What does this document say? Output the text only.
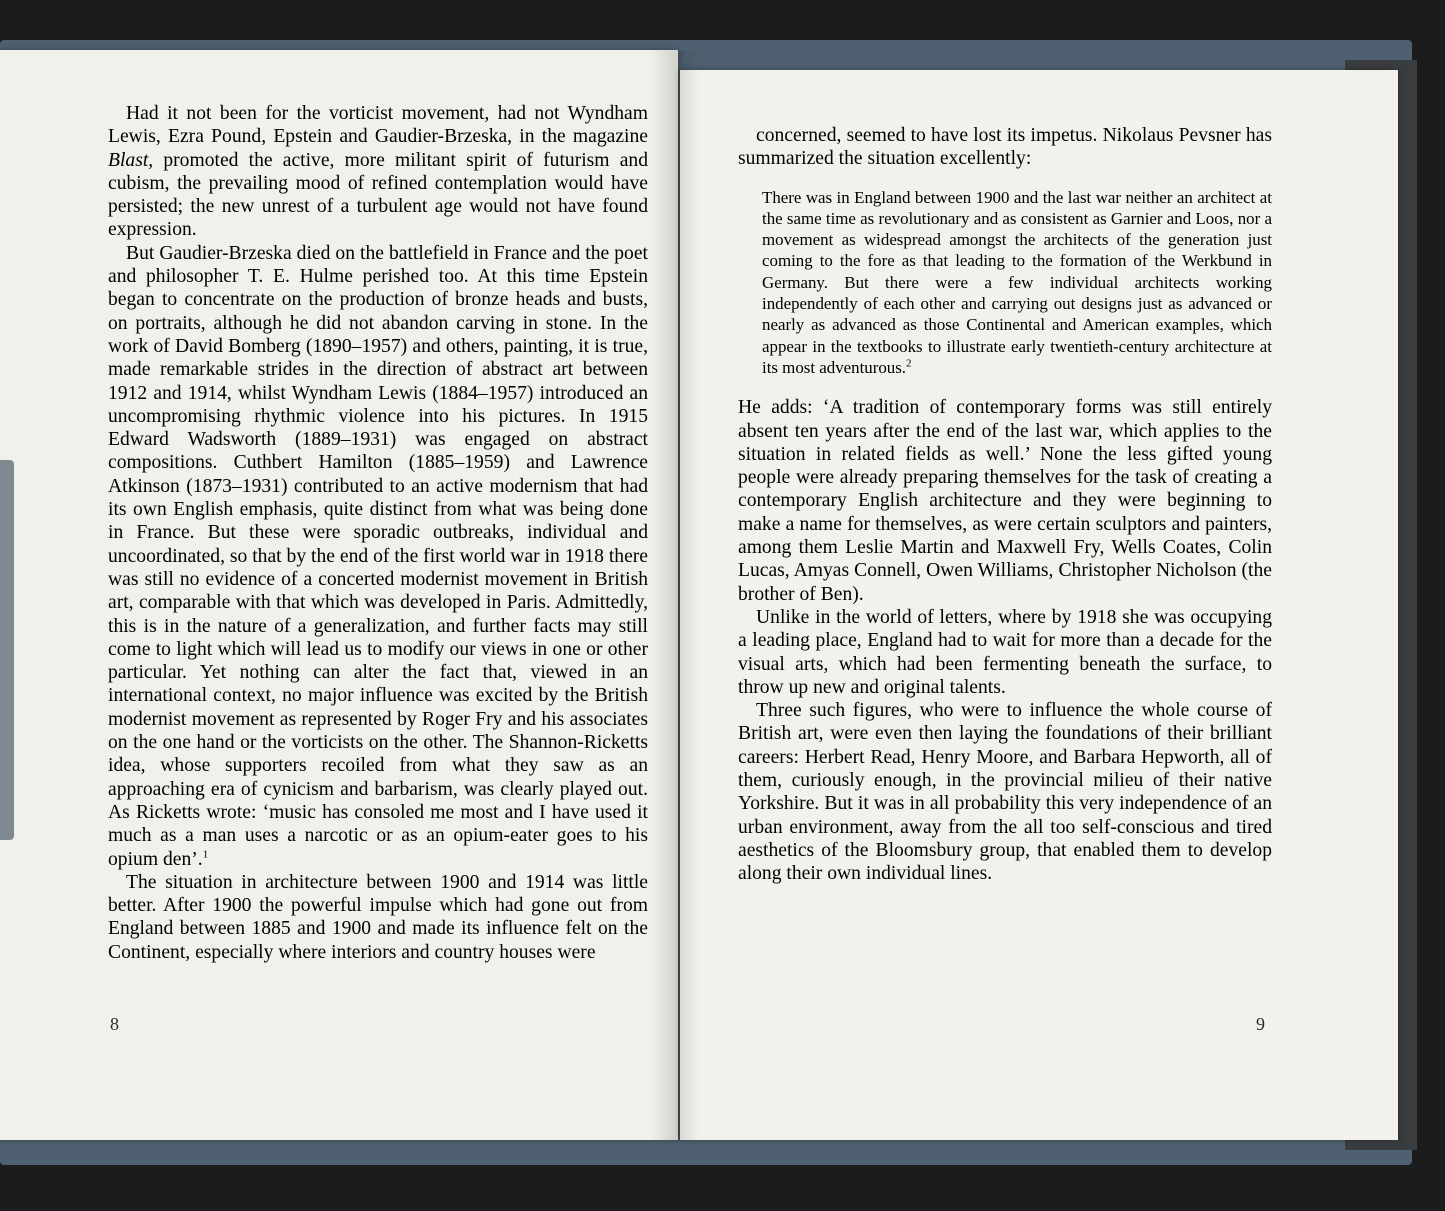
Had it not been for the vorticist movement, had not Wyndham Lewis, Ezra Pound, Epstein and Gaudier-Brzeska, in the magazine Blast, promoted the active, more militant spirit of futurism and cubism, the prevailing mood of refined contemplation would have persisted; the new unrest of a turbulent age would not have found expression.

But Gaudier-Brzeska died on the battlefield in France and the poet and philosopher T. E. Hulme perished too. At this time Epstein began to concentrate on the production of bronze heads and busts, on portraits, although he did not abandon carving in stone. In the work of David Bomberg (1890–1957) and others, painting, it is true, made remarkable strides in the direction of abstract art between 1912 and 1914, whilst Wyndham Lewis (1884–1957) introduced an uncompromising rhythmic violence into his pictures. In 1915 Edward Wadsworth (1889–1931) was engaged on abstract compositions. Cuthbert Hamilton (1885–1959) and Lawrence Atkinson (1873–1931) contributed to an active modernism that had its own English emphasis, quite distinct from what was being done in France. But these were sporadic outbreaks, individual and uncoordinated, so that by the end of the first world war in 1918 there was still no evidence of a concerted modernist movement in British art, comparable with that which was developed in Paris. Admittedly, this is in the nature of a generalization, and further facts may still come to light which will lead us to modify our views in one or other particular. Yet nothing can alter the fact that, viewed in an international context, no major influence was excited by the British modernist movement as represented by Roger Fry and his associates on the one hand or the vorticists on the other. The Shannon-Ricketts idea, whose supporters recoiled from what they saw as an approaching era of cynicism and barbarism, was clearly played out. As Ricketts wrote: ‘music has consoled me most and I have used it much as a man uses a narcotic or as an opium-eater goes to his opium den’.$^1$

The situation in architecture between 1900 and 1914 was little better. After 1900 the powerful impulse which had gone out from England between 1885 and 1900 and made its influence felt on the Continent, especially where interiors and country houses were

8

concerned, seemed to have lost its impetus. Nikolaus Pevsner has summarized the situation excellently:

There was in England between 1900 and the last war neither an architect at the same time as revolutionary and as consistent as Garnier and Loos, nor a movement as widespread amongst the architects of the generation just coming to the fore as that leading to the formation of the Werkbund in Germany. But there were a few individual architects working independently of each other and carrying out designs just as advanced or nearly as advanced as those Continental and American examples, which appear in the textbooks to illustrate early twentieth-century architecture at its most adventurous.$^2$

He adds: ‘A tradition of contemporary forms was still entirely absent ten years after the end of the last war, which applies to the situation in related fields as well.’ None the less gifted young people were already preparing themselves for the task of creating a contemporary English architecture and they were beginning to make a name for themselves, as were certain sculptors and painters, among them Leslie Martin and Maxwell Fry, Wells Coates, Colin Lucas, Amyas Connell, Owen Williams, Christopher Nicholson (the brother of Ben).

Unlike in the world of letters, where by 1918 she was occupying a leading place, England had to wait for more than a decade for the visual arts, which had been fermenting beneath the surface, to throw up new and original talents.

Three such figures, who were to influence the whole course of British art, were even then laying the foundations of their brilliant careers: Herbert Read, Henry Moore, and Barbara Hepworth, all of them, curiously enough, in the provincial milieu of their native Yorkshire. But it was in all probability this very independence of an urban environment, away from the all too self-conscious and tired aesthetics of the Bloomsbury group, that enabled them to develop along their own individual lines.

9
